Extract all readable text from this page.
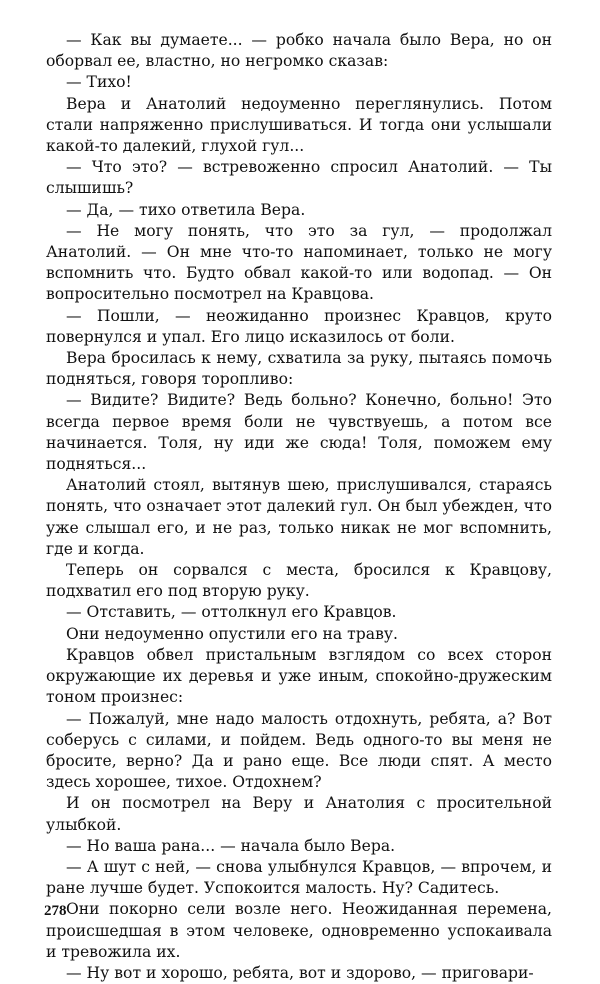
— Как вы думаете... — робко начала было Вера, но он оборвал ее, властно, но негромко сказав:

— Тихо!

Вера и Анатолий недоуменно переглянулись. Потом стали напряженно прислушиваться. И тогда они услышали какой-то далекий, глухой гул...

— Что это? — встревоженно спросил Анатолий. — Ты слышишь?

— Да, — тихо ответила Вера.

— Не могу понять, что это за гул, — продолжал Анатолий. — Он мне что-то напоминает, только не могу вспомнить что. Будто обвал какой-то или водопад. — Он вопросительно посмотрел на Кравцова.

— Пошли, — неожиданно произнес Кравцов, круто повернулся и упал. Его лицо исказилось от боли.

Вера бросилась к нему, схватила за руку, пытаясь помочь подняться, говоря торопливо:

— Видите? Видите? Ведь больно? Конечно, больно! Это всегда первое время боли не чувствуешь, а потом все начинается. Толя, ну иди же сюда! Толя, поможем ему подняться...

Анатолий стоял, вытянув шею, прислушивался, стараясь понять, что означает этот далекий гул. Он был убежден, что уже слышал его, и не раз, только никак не мог вспомнить, где и когда.

Теперь он сорвался с места, бросился к Кравцову, подхватил его под вторую руку.

— Отставить, — оттолкнул его Кравцов.

Они недоуменно опустили его на траву.

Кравцов обвел пристальным взглядом со всех сторон окружающие их деревья и уже иным, спокойно-дружеским тоном произнес:

— Пожалуй, мне надо малость отдохнуть, ребята, а? Вот соберусь с силами, и пойдем. Ведь одного-то вы меня не бросите, верно? Да и рано еще. Все люди спят. А место здесь хорошее, тихое. Отдохнем?

И он посмотрел на Веру и Анатолия с просительной улыбкой.

— Но ваша рана... — начала было Вера.

— А шут с ней, — снова улыбнулся Кравцов, — впрочем, и ране лучше будет. Успокоится малость. Ну? Садитесь.

Они покорно сели возле него. Неожиданная перемена, происшедшая в этом человеке, одновременно успокаивала и тревожила их.

— Ну вот и хорошо, ребята, вот и здорово, — приговари-

278
